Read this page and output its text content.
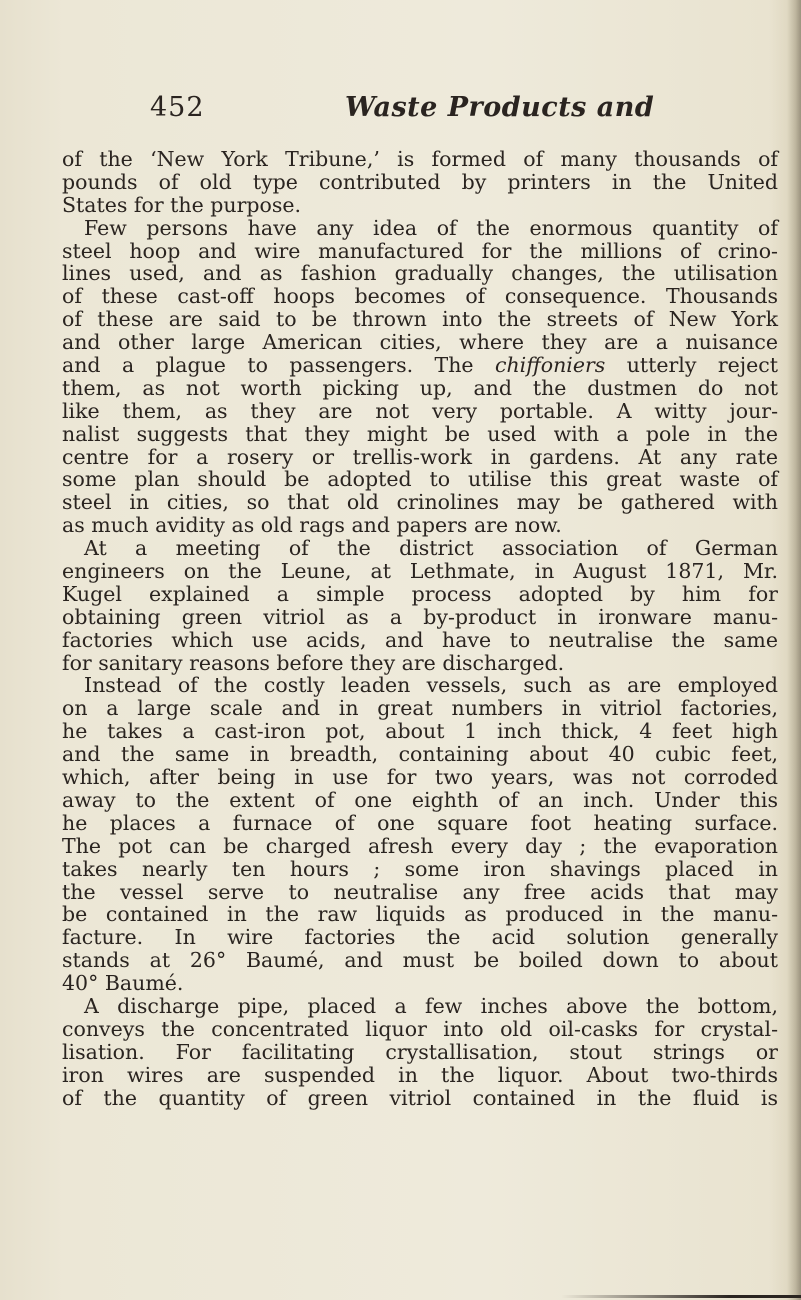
452	Waste Products and
of the ‘New York Tribune,’ is formed of many thousands of
pounds of old type contributed by printers in the United
States for the purpose.
Few persons have any idea of the enormous quantity of
steel hoop and wire manufactured for the millions of crino-
lines used, and as fashion gradually changes, the utilisation
of these cast-off hoops becomes of consequence. Thousands
of these are said to be thrown into the streets of New York
and other large American cities, where they are a nuisance
and a plague to passengers. The chiffoniers utterly reject
them, as not worth picking up, and the dustmen do not
like them, as they are not very portable. A witty jour-
nalist suggests that they might be used with a pole in the
centre for a rosery or trellis-work in gardens. At any rate
some plan should be adopted to utilise this great waste of
steel in cities, so that old crinolines may be gathered with
as much avidity as old rags and papers are now.
At a meeting of the district association of German
engineers on the Leune, at Lethmate, in August 1871, Mr.
Kugel explained a simple process adopted by him for
obtaining green vitriol as a by-product in ironware manu-
factories which use acids, and have to neutralise the same
for sanitary reasons before they are discharged.
Instead of the costly leaden vessels, such as are employed
on a large scale and in great numbers in vitriol factories,
he takes a cast-iron pot, about 1 inch thick, 4 feet high
and the same in breadth, containing about 40 cubic feet,
which, after being in use for two years, was not corroded
away to the extent of one eighth of an inch. Under this
he places a furnace of one square foot heating surface.
The pot can be charged afresh every day ; the evaporation
takes nearly ten hours ; some iron shavings placed in
the vessel serve to neutralise any free acids that may
be contained in the raw liquids as produced in the manu-
facture. In wire factories the acid solution generally
stands at 26° Baumé, and must be boiled down to about
40° Baumé.
A discharge pipe, placed a few inches above the bottom,
conveys the concentrated liquor into old oil-casks for crystal-
lisation. For facilitating crystallisation, stout strings or
iron wires are suspended in the liquor. About two-thirds
of the quantity of green vitriol contained in the fluid is
